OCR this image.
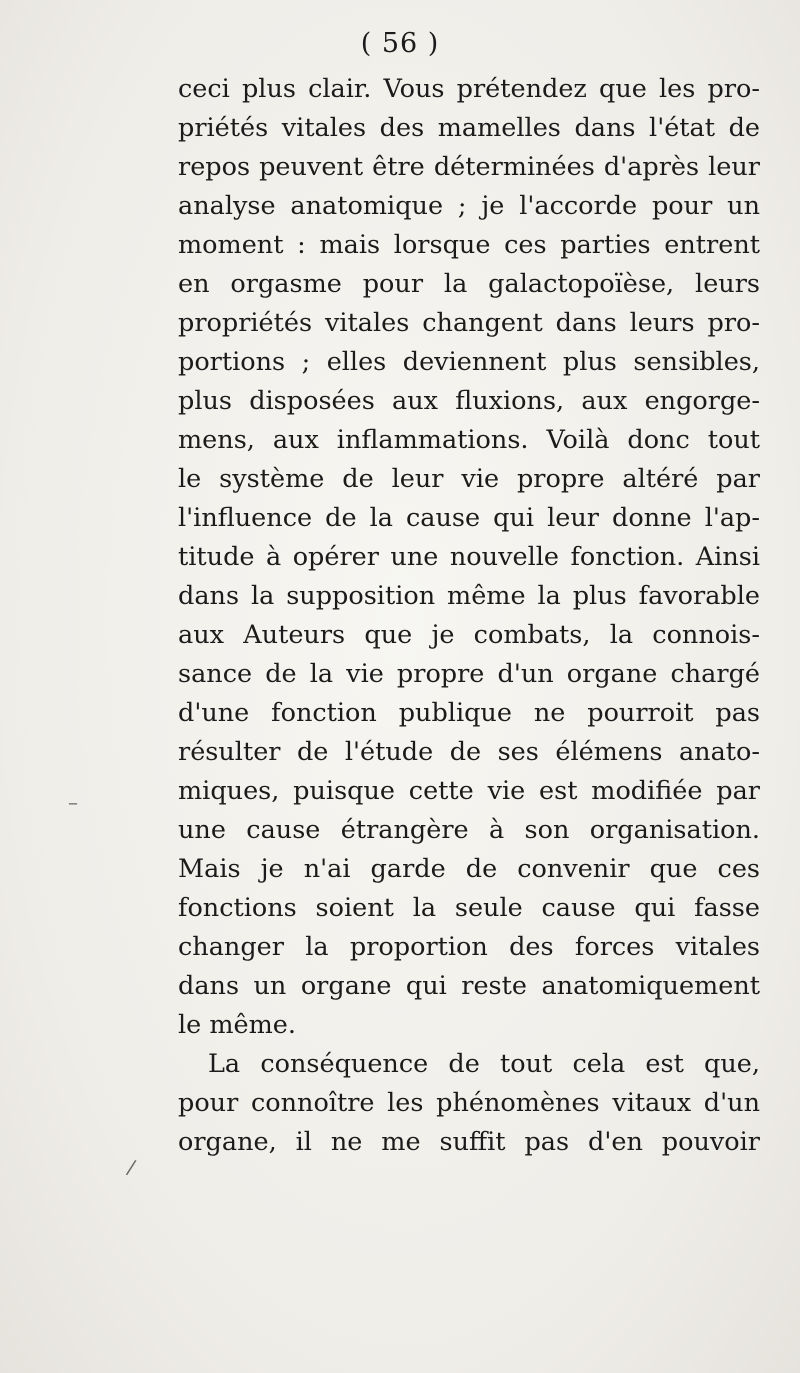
( 56 )
ceci plus clair. Vous prétendez que les pro-
priétés vitales des mamelles dans l'état de
repos peuvent être déterminées d'après leur
analyse anatomique ; je l'accorde pour un
moment : mais lorsque ces parties entrent
en orgasme pour la galactopoïèse, leurs
propriétés vitales changent dans leurs pro-
portions ; elles deviennent plus sensibles,
plus disposées aux fluxions, aux engorge-
mens, aux inflammations. Voilà donc tout
le système de leur vie propre altéré par
l'influence de la cause qui leur donne l'ap-
titude à opérer une nouvelle fonction. Ainsi
dans la supposition même la plus favorable
aux Auteurs que je combats, la connois-
sance de la vie propre d'un organe chargé
d'une fonction publique ne pourroit pas
résulter de l'étude de ses élémens anato-
miques, puisque cette vie est modifiée par
une cause étrangère à son organisation.
Mais je n'ai garde de convenir que ces
fonctions soient la seule cause qui fasse
changer la proportion des forces vitales
dans un organe qui reste anatomiquement
le même.
La conséquence de tout cela est que,
pour connoître les phénomènes vitaux d'un
organe, il ne me suffit pas d'en pouvoir
–
/
